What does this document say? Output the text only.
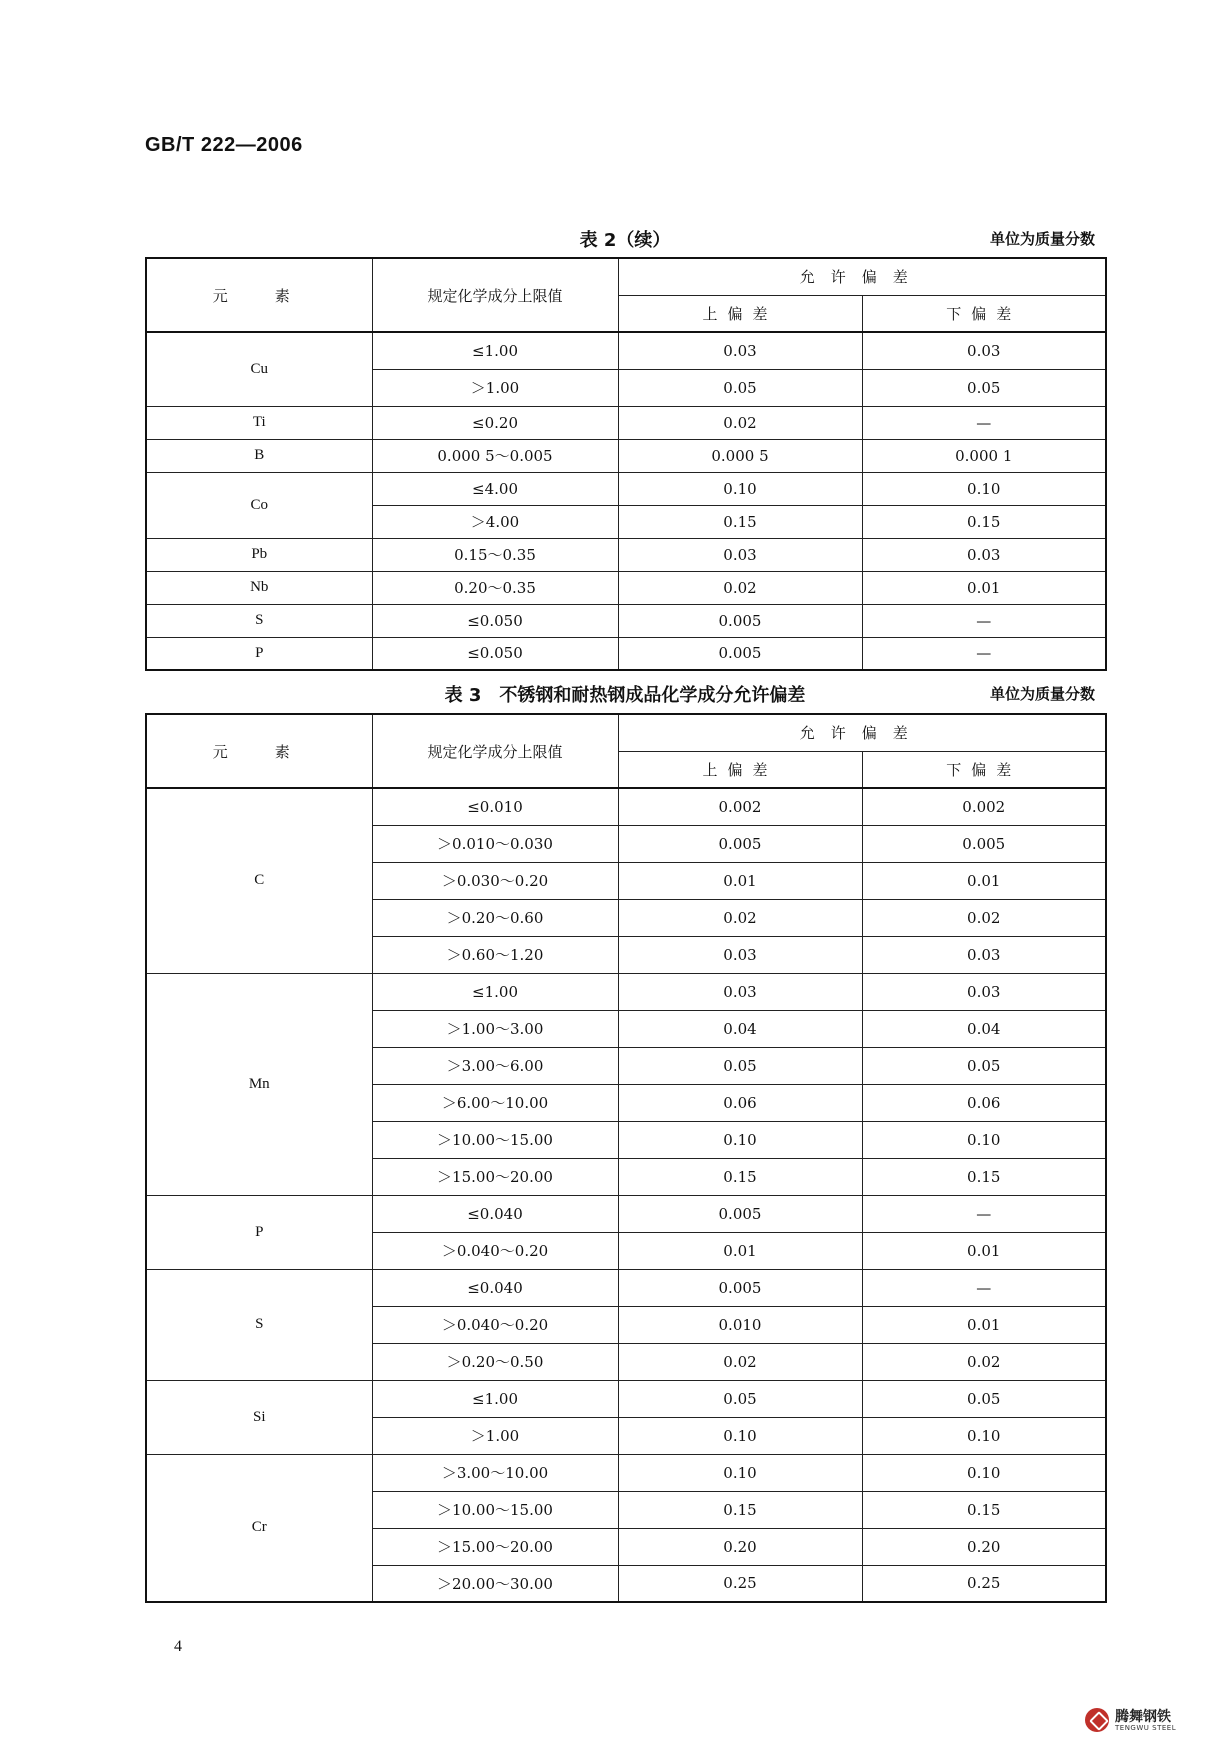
GB/T 222—2006
表 2（续）	单位为质量分数
元　素	规定化学成分上限值	允许偏差	
		上偏差	下偏差
Cu	≤1.00	0.03	0.03
	＞1.00	0.05	0.05
Ti	≤0.20	0.02	—
B	0.000 5～0.005	0.000 5	0.000 1
Co	≤4.00	0.10	0.10
	＞4.00	0.15	0.15
Pb	0.15～0.35	0.03	0.03
Nb	0.20～0.35	0.02	0.01
S	≤0.050	0.005	—
P	≤0.050	0.005	—
表 3　不锈钢和耐热钢成品化学成分允许偏差	单位为质量分数
元　素	规定化学成分上限值	允许偏差	
		上偏差	下偏差
C	≤0.010	0.002	0.002
	＞0.010～0.030	0.005	0.005
	＞0.030～0.20	0.01	0.01
	＞0.20～0.60	0.02	0.02
	＞0.60～1.20	0.03	0.03
Mn	≤1.00	0.03	0.03
	＞1.00～3.00	0.04	0.04
	＞3.00～6.00	0.05	0.05
	＞6.00～10.00	0.06	0.06
	＞10.00～15.00	0.10	0.10
	＞15.00～20.00	0.15	0.15
P	≤0.040	0.005	—
	＞0.040～0.20	0.01	0.01
S	≤0.040	0.005	—
	＞0.040～0.20	0.010	0.01
	＞0.20～0.50	0.02	0.02
Si	≤1.00	0.05	0.05
	＞1.00	0.10	0.10
Cr	＞3.00～10.00	0.10	0.10
	＞10.00～15.00	0.15	0.15
	＞15.00～20.00	0.20	0.20
	＞20.00～30.00	0.25	0.25
4
腾舞钢铁
TENGWU STEEL
